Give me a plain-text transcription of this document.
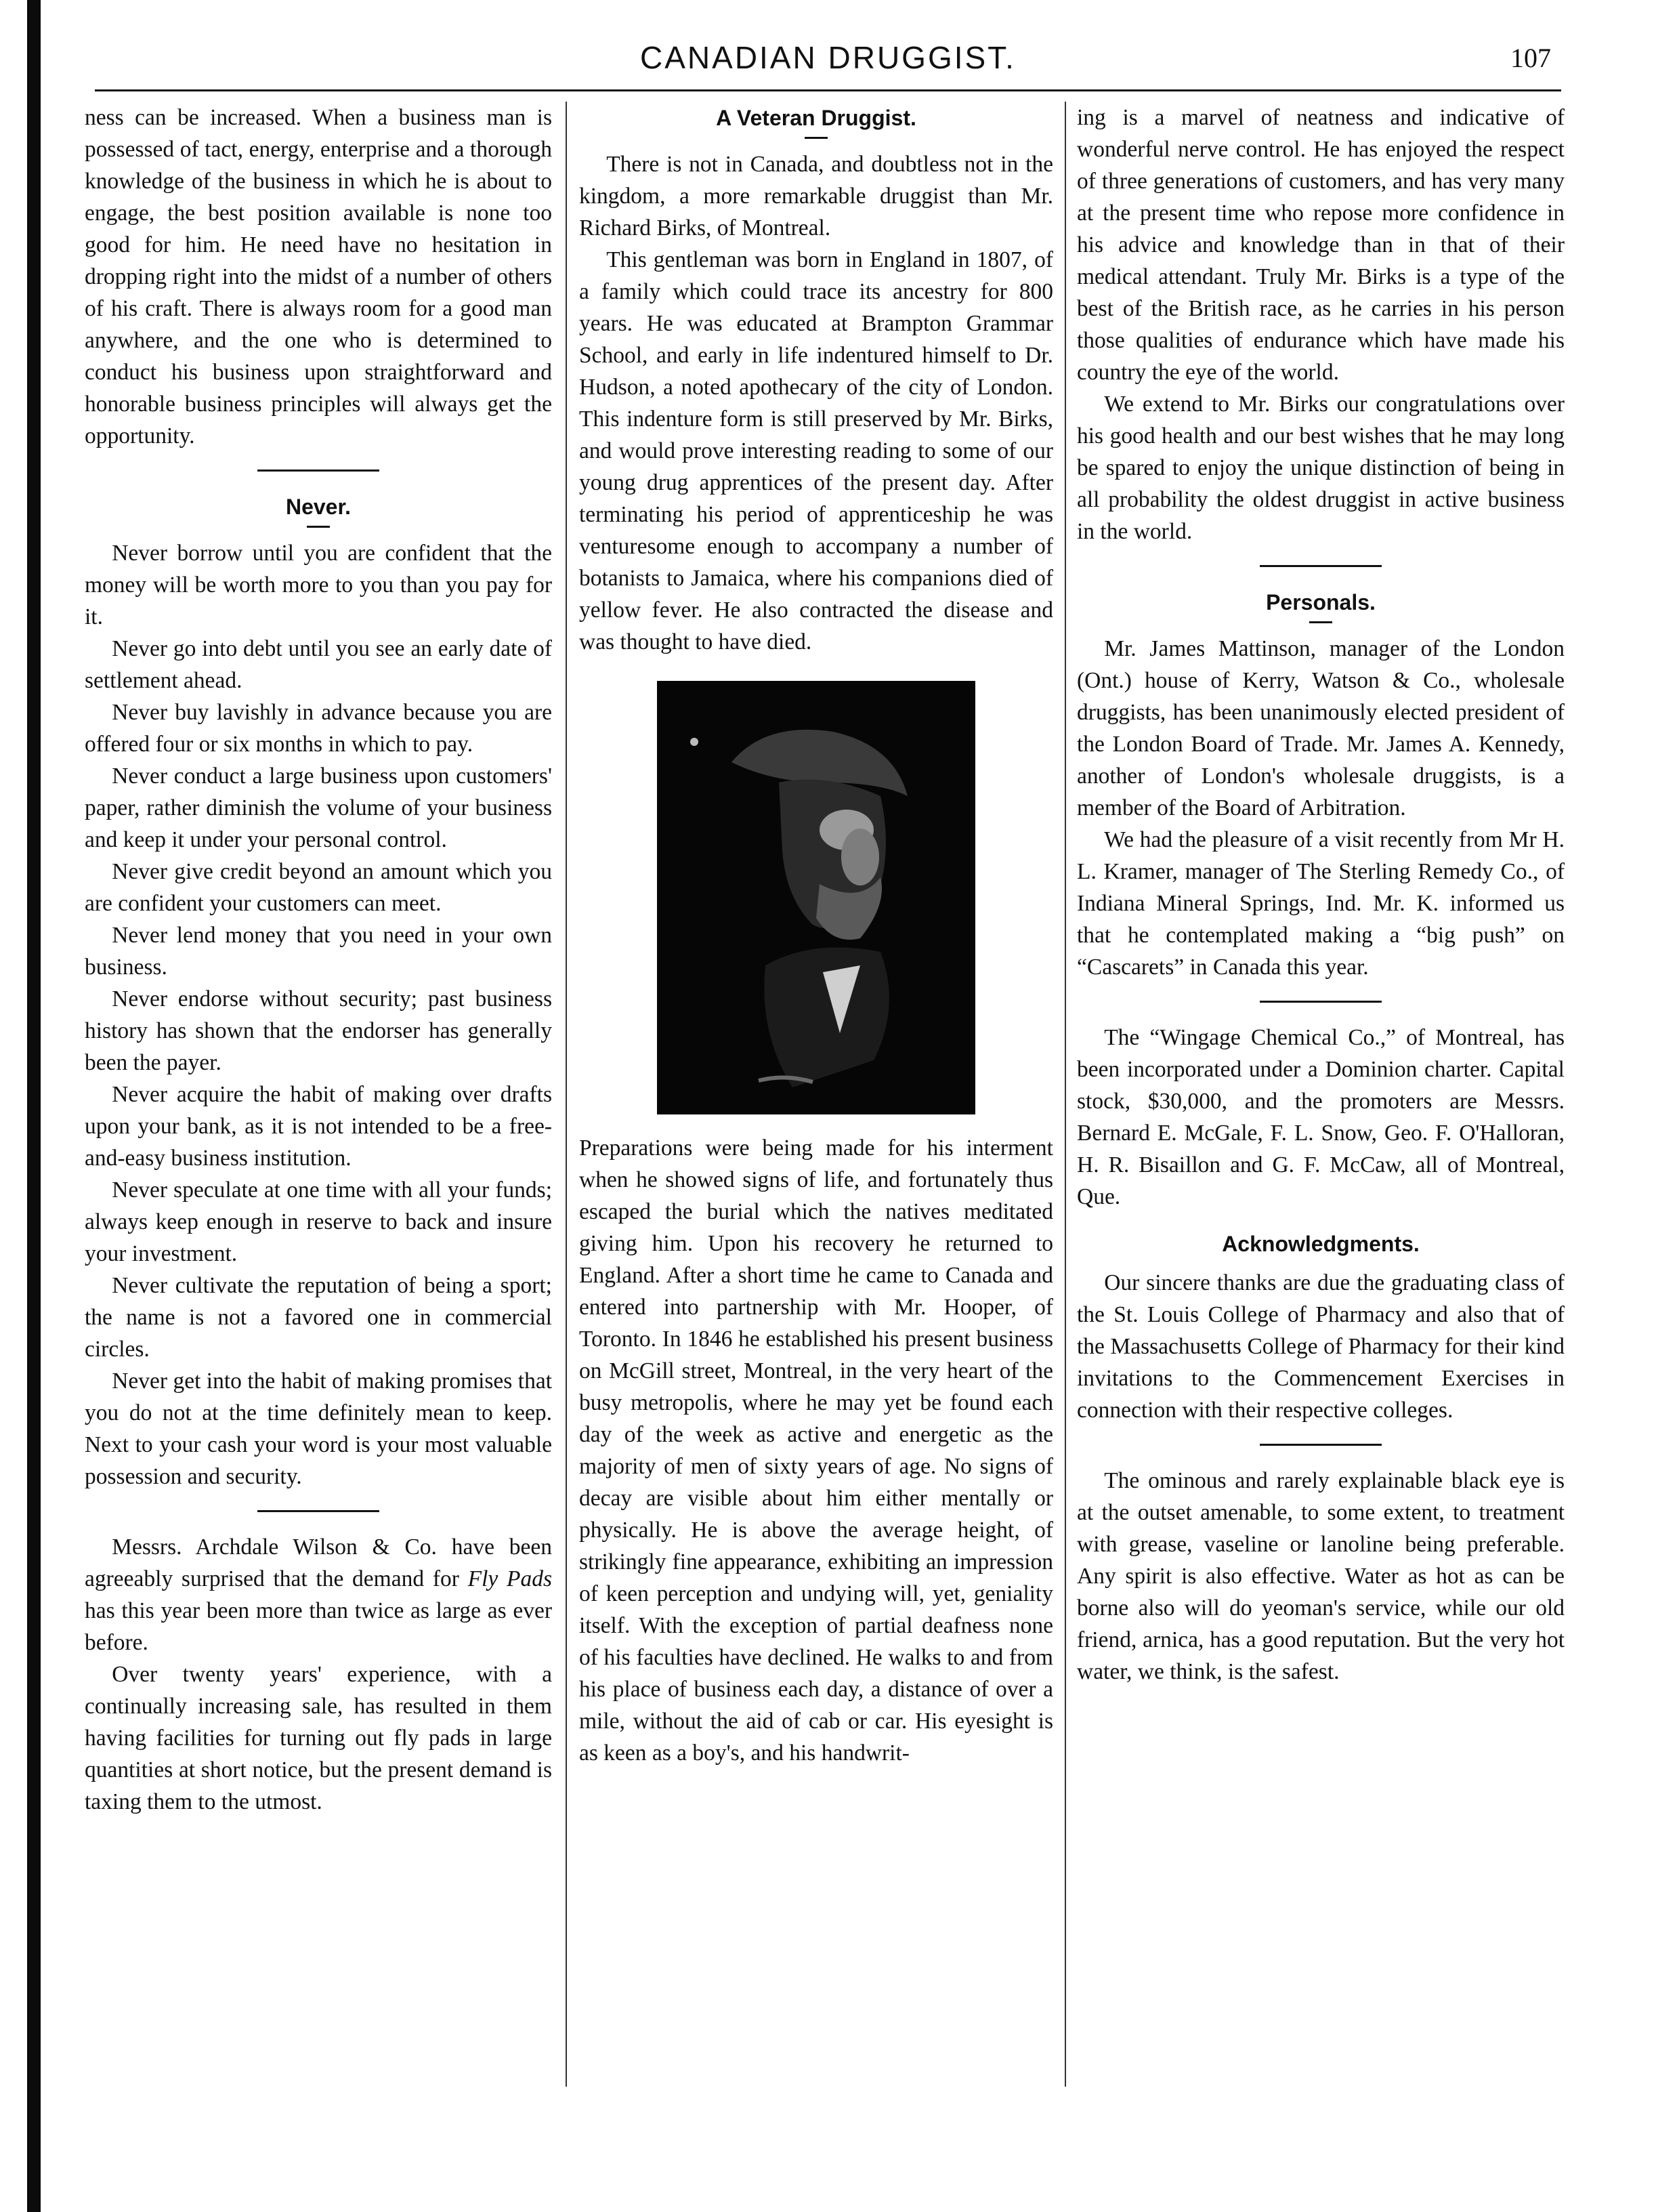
CANADIAN DRUGGIST.	107

ness can be increased. When a business man is possessed of tact, energy, enterprise and a thorough knowledge of the business in which he is about to engage, the best position available is none too good for him. He need have no hesitation in dropping right into the midst of a number of others of his craft. There is always room for a good man anywhere, and the one who is determined to conduct his business upon straightforward and honorable business principles will always get the opportunity.

Never.

Never borrow until you are confident that the money will be worth more to you than you pay for it.

Never go into debt until you see an early date of settlement ahead.

Never buy lavishly in advance because you are offered four or six months in which to pay.

Never conduct a large business upon customers' paper, rather diminish the volume of your business and keep it under your personal control.

Never give credit beyond an amount which you are confident your customers can meet.

Never lend money that you need in your own business.

Never endorse without security; past business history has shown that the endorser has generally been the payer.

Never acquire the habit of making over drafts upon your bank, as it is not intended to be a free-and-easy business institution.

Never speculate at one time with all your funds; always keep enough in reserve to back and insure your investment.

Never cultivate the reputation of being a sport; the name is not a favored one in commercial circles.

Never get into the habit of making promises that you do not at the time definitely mean to keep. Next to your cash your word is your most valuable possession and security.

Messrs. Archdale Wilson & Co. have been agreeably surprised that the demand for Fly Pads has this year been more than twice as large as ever before.

Over twenty years' experience, with a continually increasing sale, has resulted in them having facilities for turning out fly pads in large quantities at short notice, but the present demand is taxing them to the utmost.

A Veteran Druggist.

There is not in Canada, and doubtless not in the kingdom, a more remarkable druggist than Mr. Richard Birks, of Montreal.

This gentleman was born in England in 1807, of a family which could trace its ancestry for 800 years. He was educated at Brampton Grammar School, and early in life indentured himself to Dr. Hudson, a noted apothecary of the city of London. This indenture form is still preserved by Mr. Birks, and would prove interesting reading to some of our young drug apprentices of the present day. After terminating his period of apprenticeship he was venturesome enough to accompany a number of botanists to Jamaica, where his companions died of yellow fever. He also contracted the disease and was thought to have died.

Preparations were being made for his interment when he showed signs of life, and fortunately thus escaped the burial which the natives meditated giving him. Upon his recovery he returned to England. After a short time he came to Canada and entered into partnership with Mr. Hooper, of Toronto. In 1846 he established his present business on McGill street, Montreal, in the very heart of the busy metropolis, where he may yet be found each day of the week as active and energetic as the majority of men of sixty years of age. No signs of decay are visible about him either mentally or physically. He is above the average height, of strikingly fine appearance, exhibiting an impression of keen perception and undying will, yet, geniality itself. With the exception of partial deafness none of his faculties have declined. He walks to and from his place of business each day, a distance of over a mile, without the aid of cab or car. His eyesight is as keen as a boy's, and his handwrit-

ing is a marvel of neatness and indicative of wonderful nerve control. He has enjoyed the respect of three generations of customers, and has very many at the present time who repose more confidence in his advice and knowledge than in that of their medical attendant. Truly Mr. Birks is a type of the best of the British race, as he carries in his person those qualities of endurance which have made his country the eye of the world.

We extend to Mr. Birks our congratulations over his good health and our best wishes that he may long be spared to enjoy the unique distinction of being in all probability the oldest druggist in active business in the world.

Personals.

Mr. James Mattinson, manager of the London (Ont.) house of Kerry, Watson & Co., wholesale druggists, has been unanimously elected president of the London Board of Trade. Mr. James A. Kennedy, another of London's wholesale druggists, is a member of the Board of Arbitration.

We had the pleasure of a visit recently from Mr H. L. Kramer, manager of The Sterling Remedy Co., of Indiana Mineral Springs, Ind. Mr. K. informed us that he contemplated making a “big push” on “Cascarets” in Canada this year.

The “Wingage Chemical Co.,” of Montreal, has been incorporated under a Dominion charter. Capital stock, $30,000, and the promoters are Messrs. Bernard E. McGale, F. L. Snow, Geo. F. O'Halloran, H. R. Bisaillon and G. F. McCaw, all of Montreal, Que.

Acknowledgments.

Our sincere thanks are due the graduating class of the St. Louis College of Pharmacy and also that of the Massachusetts College of Pharmacy for their kind invitations to the Commencement Exercises in connection with their respective colleges.

The ominous and rarely explainable black eye is at the outset amenable, to some extent, to treatment with grease, vaseline or lanoline being preferable. Any spirit is also effective. Water as hot as can be borne also will do yeoman's service, while our old friend, arnica, has a good reputation. But the very hot water, we think, is the safest.
